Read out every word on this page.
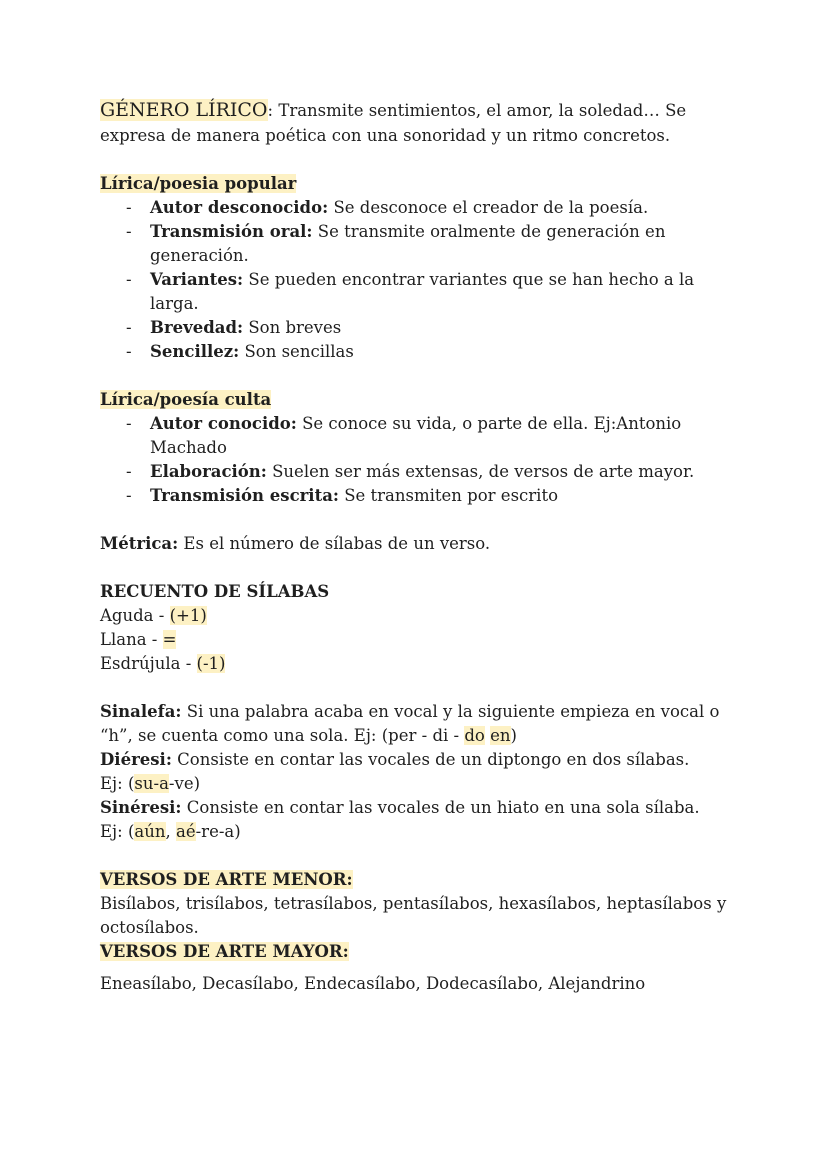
GÉNERO LÍRICO: Transmite sentimientos, el amor, la soledad… Se expresa de manera poética con una sonoridad y un ritmo concretos.

Lírica/poesia popular

- Autor desconocido: Se desconoce el creador de la poesía.
- Transmisión oral: Se transmite oralmente de generación en generación.
- Variantes: Se pueden encontrar variantes que se han hecho a la larga.
- Brevedad: Son breves
- Sencillez: Son sencillas

Lírica/poesía culta

- Autor conocido: Se conoce su vida, o parte de ella. Ej:Antonio Machado
- Elaboración: Suelen ser más extensas, de versos de arte mayor.
- Transmisión escrita: Se transmiten por escrito

Métrica: Es el número de sílabas de un verso.

RECUENTO DE SÍLABAS

Aguda - (+1)

Llana - =

Esdrújula - (-1)

Sinalefa: Si una palabra acaba en vocal y la siguiente empieza en vocal o “h”, se cuenta como una sola. Ej: (per - di - do en)

Diéresi: Consiste en contar las vocales de un diptongo en dos sílabas.

Ej: (su-a-ve)

Sinéresi: Consiste en contar las vocales de un hiato en una sola sílaba.

Ej: (aún, aé-re-a)

VERSOS DE ARTE MENOR:

Bisílabos, trisílabos, tetrasílabos, pentasílabos, hexasílabos, heptasílabos y octosílabos.

VERSOS DE ARTE MAYOR:

Eneasílabo, Decasílabo, Endecasílabo, Dodecasílabo, Alejandrino
